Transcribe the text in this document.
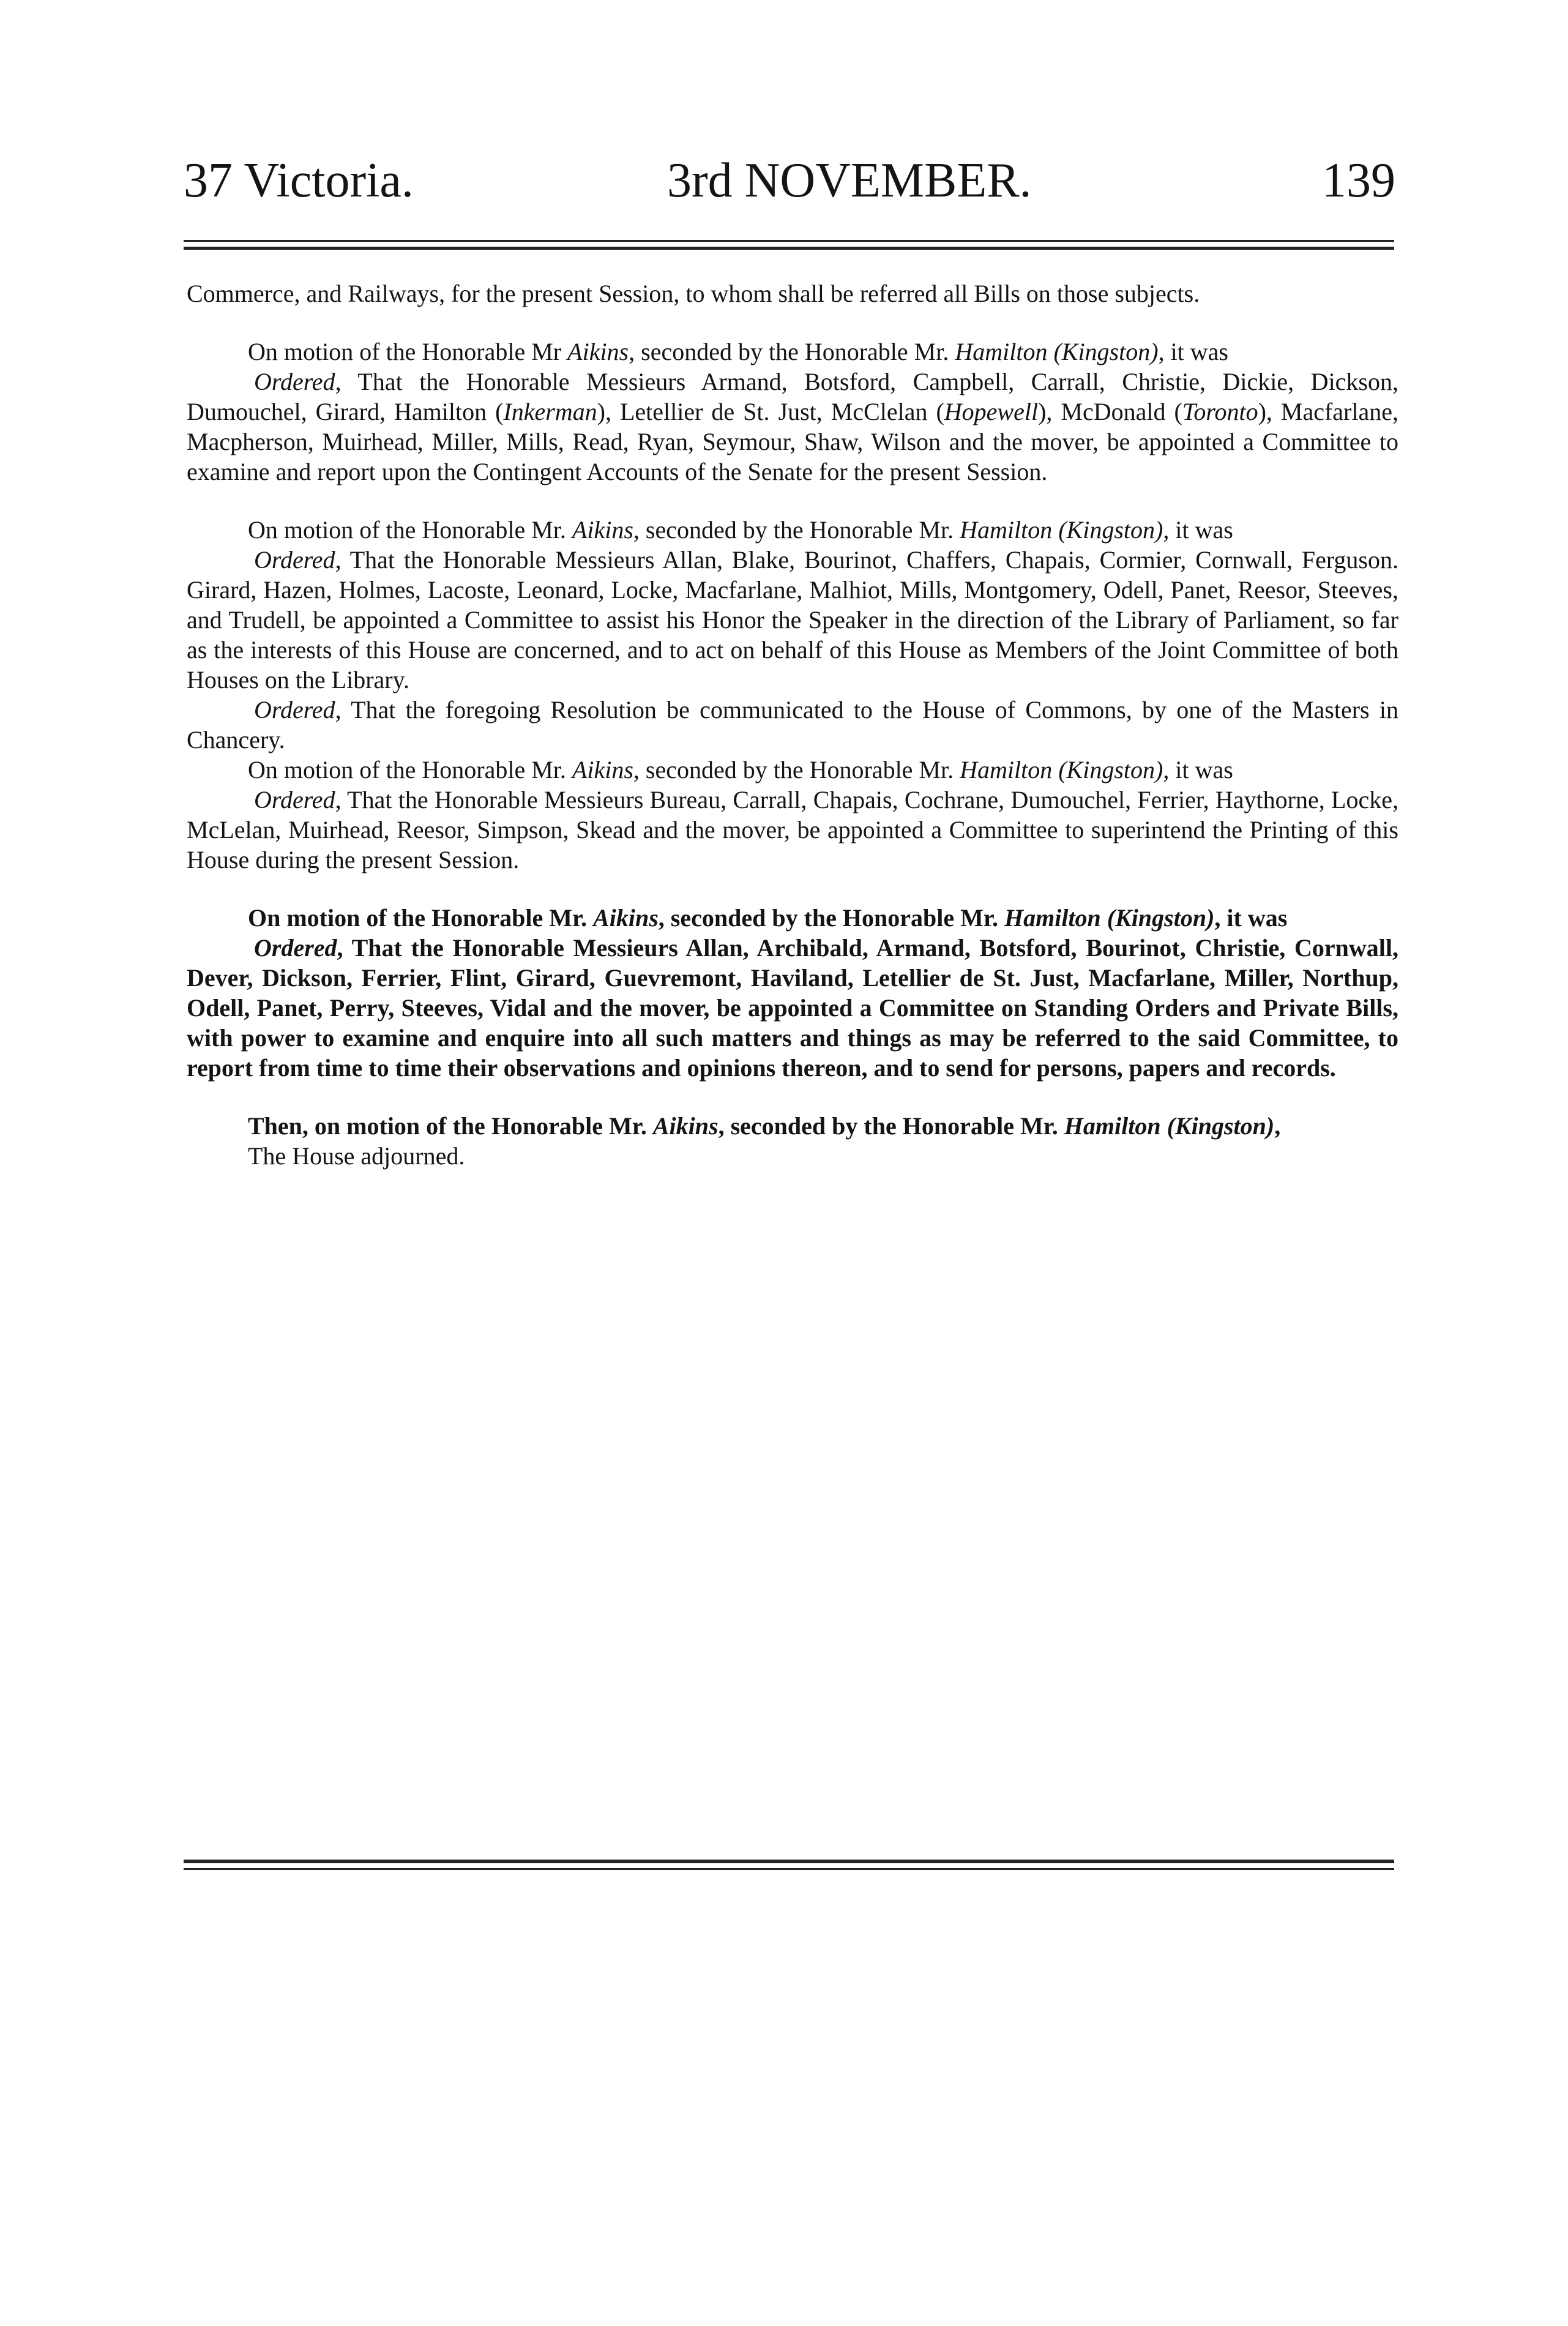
37 Victoria.	3rd NOVEMBER.	139

Commerce, and Railways, for the present Session, to whom shall be referred all Bills on those subjects.

On motion of the Honorable Mr Aikins, seconded by the Honorable Mr. Hamilton (Kingston), it was

Ordered, That the Honorable Messieurs Armand, Botsford, Campbell, Carrall, Christie, Dickie, Dickson, Dumouchel, Girard, Hamilton (Inkerman), Letellier de St. Just, McClelan (Hopewell), McDonald (Toronto), Macfarlane, Macpherson, Muirhead, Miller, Mills, Read, Ryan, Seymour, Shaw, Wilson and the mover, be appointed a Committee to examine and report upon the Contingent Accounts of the Senate for the present Session.

On motion of the Honorable Mr. Aikins, seconded by the Honorable Mr. Hamilton (Kingston), it was

Ordered, That the Honorable Messieurs Allan, Blake, Bourinot, Chaffers, Chapais, Cormier, Cornwall, Ferguson. Girard, Hazen, Holmes, Lacoste, Leonard, Locke, Macfarlane, Malhiot, Mills, Montgomery, Odell, Panet, Reesor, Steeves, and Trudell, be appointed a Committee to assist his Honor the Speaker in the direction of the Library of Parliament, so far as the interests of this House are concerned, and to act on behalf of this House as Members of the Joint Committee of both Houses on the Library.

Ordered, That the foregoing Resolution be communicated to the House of Commons, by one of the Masters in Chancery.

On motion of the Honorable Mr. Aikins, seconded by the Honorable Mr. Hamilton (Kingston), it was

Ordered, That the Honorable Messieurs Bureau, Carrall, Chapais, Cochrane, Dumouchel, Ferrier, Haythorne, Locke, McLelan, Muirhead, Reesor, Simpson, Skead and the mover, be appointed a Committee to superintend the Printing of this House during the present Session.

On motion of the Honorable Mr. Aikins, seconded by the Honorable Mr. Hamilton (Kingston), it was

Ordered, That the Honorable Messieurs Allan, Archibald, Armand, Botsford, Bourinot, Christie, Cornwall, Dever, Dickson, Ferrier, Flint, Girard, Guevremont, Haviland, Letellier de St. Just, Macfarlane, Miller, Northup, Odell, Panet, Perry, Steeves, Vidal and the mover, be appointed a Committee on Standing Orders and Private Bills, with power to examine and enquire into all such matters and things as may be referred to the said Committee, to report from time to time their observations and opinions thereon, and to send for persons, papers and records.

Then, on motion of the Honorable Mr. Aikins, seconded by the Honorable Mr. Hamilton (Kingston),

The House adjourned.
